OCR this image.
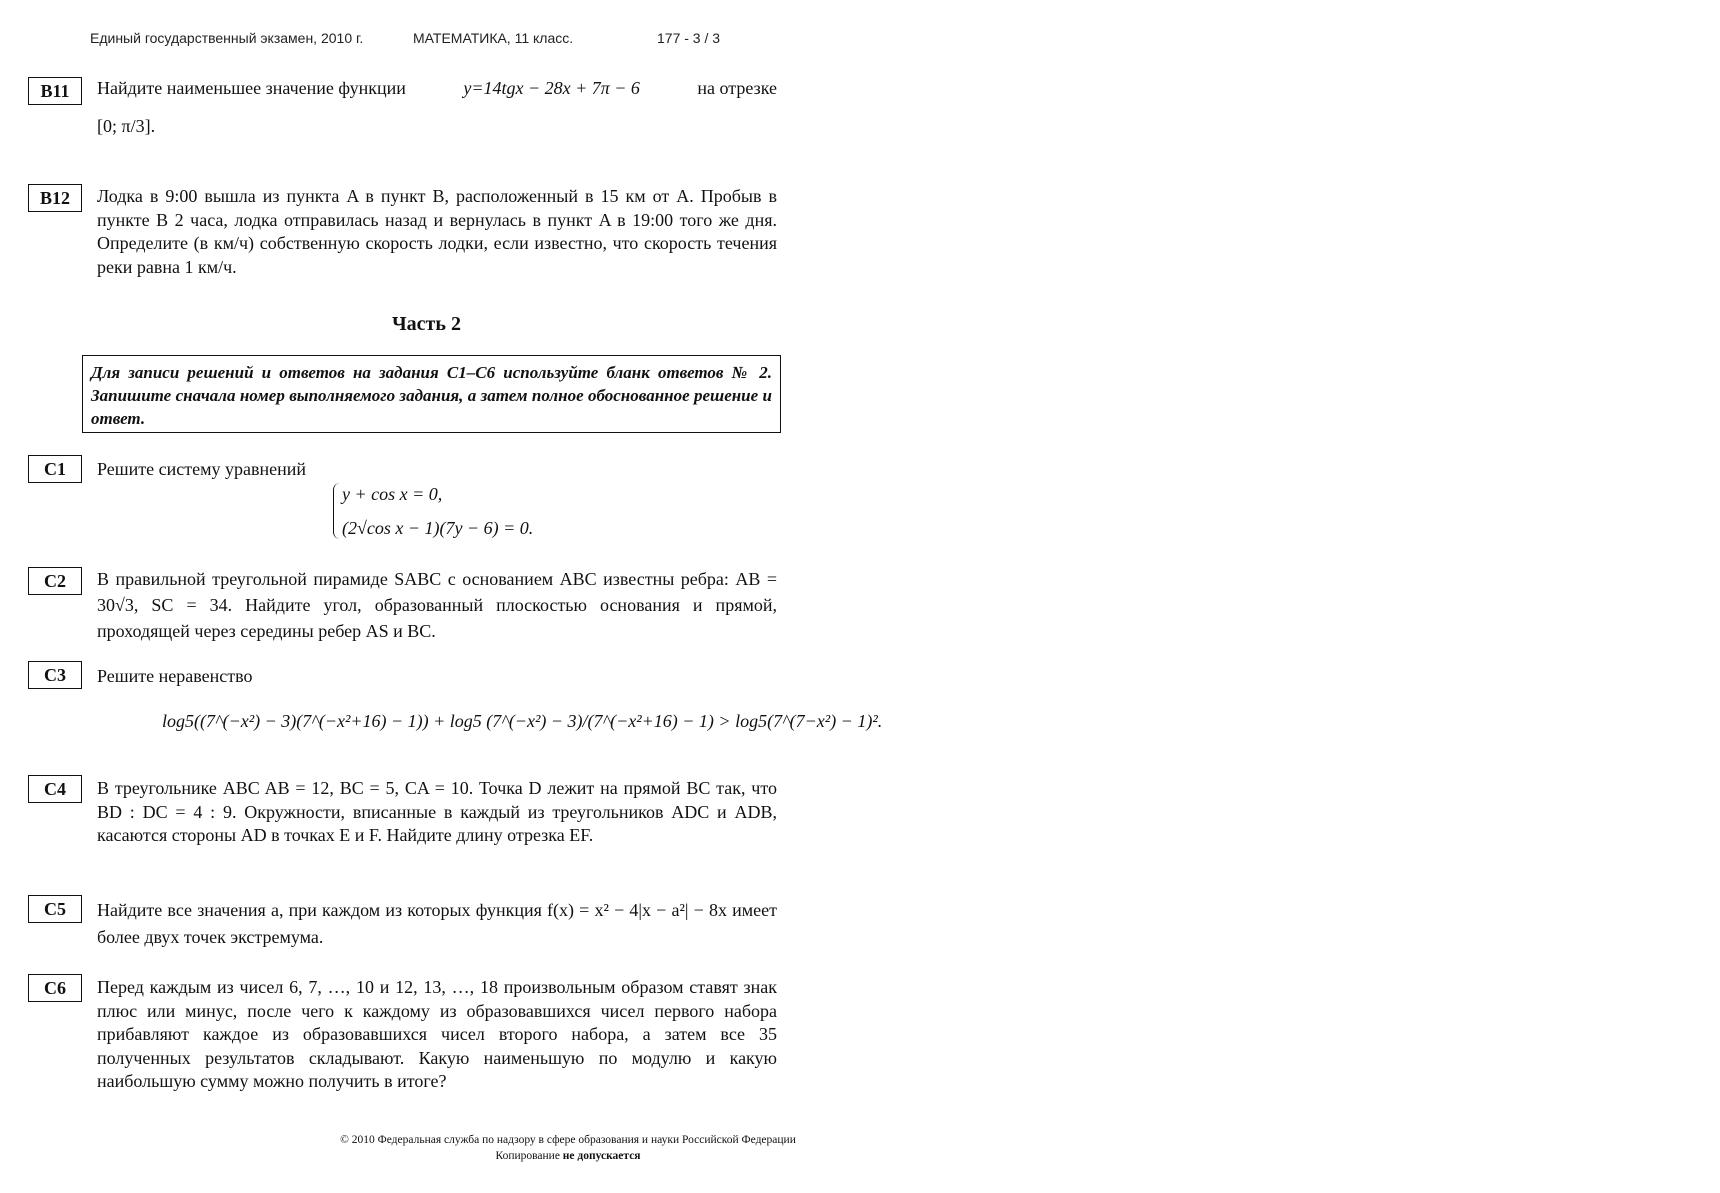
Единый государственный экзамен, 2010 г.	МАТЕМАТИКА, 11 класс.	177 - 3 / 3
B11	Найдите наименьшее значение функции	y=14tgx − 28x + 7π − 6	на отрезке

[0; π/3].

B12	Лодка в 9:00 вышла из пункта A в пункт B, расположенный в 15 км от A. Пробыв в пункте B 2 часа, лодка отправилась назад и вернулась в пункт A в 19:00 того же дня. Определите (в км/ч) собственную скорость лодки, если известно, что скорость течения реки равна 1 км/ч.

Часть 2
Для записи решений и ответов на задания C1–C6 используйте бланк ответов № 2. Запишите сначала номер выполняемого задания, а затем полное обоснованное решение и ответ.
C1	Решите систему уравнений
y + cos x = 0,
(2√cos x − 1)(7y − 6) = 0.
C2	В правильной треугольной пирамиде SABC с основанием ABC известны ребра: AB = 30√3, SC = 34. Найдите угол, образованный плоскостью основания и прямой, проходящей через середины ребер AS и BC.
C3	Решите неравенство
log5((7^(−x²) − 3)(7^(−x²+16) − 1)) + log5 (7^(−x²) − 3)/(7^(−x²+16) − 1) > log5(7^(7−x²) − 1)².
C4	В треугольнике ABC AB = 12, BC = 5, CA = 10. Точка D лежит на прямой BC так, что BD : DC = 4 : 9. Окружности, вписанные в каждый из треугольников ADC и ADB, касаются стороны AD в точках E и F. Найдите длину отрезка EF.
C5	Найдите все значения a, при каждом из которых функция f(x) = x² − 4|x − a²| − 8x имеет более двух точек экстремума.
C6	Перед каждым из чисел 6, 7, …, 10 и 12, 13, …, 18 произвольным образом ставят знак плюс или минус, после чего к каждому из образовавшихся чисел первого набора прибавляют каждое из образовавшихся чисел второго набора, а затем все 35 полученных результатов складывают. Какую наименьшую по модулю и какую наибольшую сумму можно получить в итоге?
© 2010 Федеральная служба по надзору в сфере образования и науки Российской Федерации
Копирование не допускается
